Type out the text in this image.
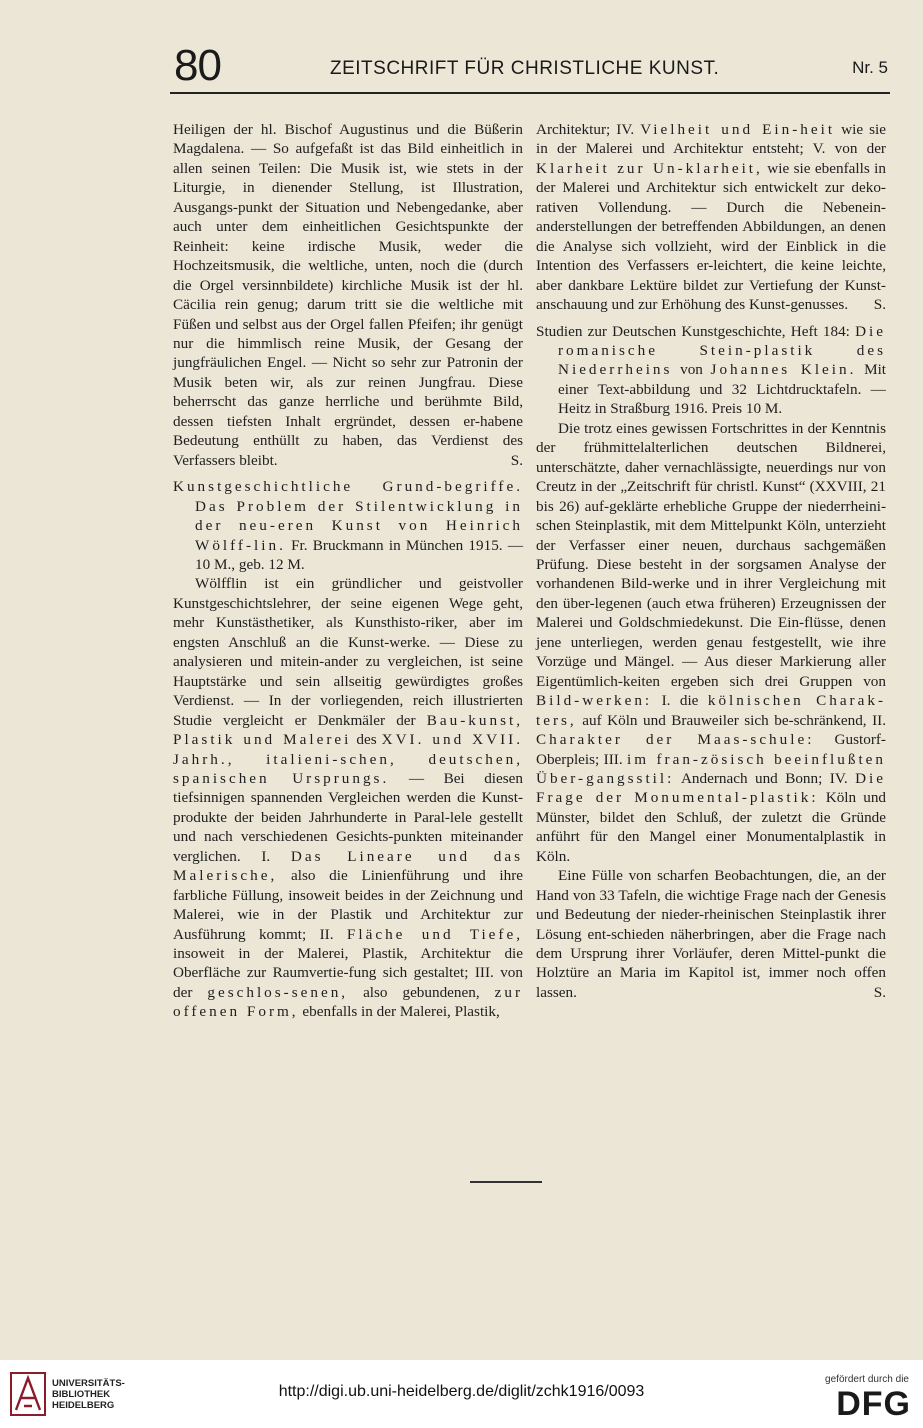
80	ZEITSCHRIFT FÜR CHRISTLICHE KUNST.	Nr. 5

Heiligen der hl. Bischof Augustinus und die Büßerin Magdalena. — So aufgefaßt ist das Bild einheitlich in allen seinen Teilen: Die Musik ist, wie stets in der Liturgie, in dienender Stellung, ist Illustration, Ausgangs-punkt der Situation und Nebengedanke, aber auch unter dem einheitlichen Gesichtspunkte der Reinheit: keine irdische Musik, weder die Hochzeitsmusik, die weltliche, unten, noch die (durch die Orgel versinnbildete) kirchliche Musik ist der hl. Cäcilia rein genug; darum tritt sie die weltliche mit Füßen und selbst aus der Orgel fallen Pfeifen; ihr genügt nur die himmlisch reine Musik, der Gesang der jungfräulichen Engel. — Nicht so sehr zur Patronin der Musik beten wir, als zur reinen Jungfrau. Diese beherrscht das ganze herrliche und berühmte Bild, dessen tiefsten Inhalt ergründet, dessen er-habene Bedeutung enthüllt zu haben, das Verdienst des Verfassers bleibt.	S.

Kunstgeschichtliche Grund-begriffe. Das Problem der Stilentwicklung in der neu-eren Kunst von Heinrich Wölff-lin. Fr. Bruckmann in München 1915. — 10 M., geb. 12 M.

Wölfflin ist ein gründlicher und geistvoller Kunstgeschichtslehrer, der seine eigenen Wege geht, mehr Kunstästhetiker, als Kunsthisto-riker, aber im engsten Anschluß an die Kunst-werke. — Diese zu analysieren und mitein-ander zu vergleichen, ist seine Hauptstärke und sein allseitig gewürdigtes großes Verdienst. — In der vorliegenden, reich illustrierten Studie vergleicht er Denkmäler der Bau-kunst, Plastik und Malerei des XVI. und XVII. Jahrh., italieni-schen, deutschen, spanischen Ursprungs. — Bei diesen tiefsinnigen spannenden Vergleichen werden die Kunst-produkte der beiden Jahrhunderte in Paral-lele gestellt und nach verschiedenen Gesichts-punkten miteinander verglichen. I. Das Lineare und das Malerische, also die Linienführung und ihre farbliche Füllung, insoweit beides in der Zeichnung und Malerei, wie in der Plastik und Architektur zur Ausführung kommt; II. Fläche und Tiefe, insoweit in der Malerei, Plastik, Architektur die Oberfläche zur Raumvertie-fung sich gestaltet; III. von der geschlos-senen, also gebundenen, zur offenen Form, ebenfalls in der Malerei, Plastik,

Architektur; IV. Vielheit und Ein-heit wie sie in der Malerei und Architektur entsteht; V. von der Klarheit zur Un-klarheit, wie sie ebenfalls in der Malerei und Architektur sich entwickelt zur deko-rativen Vollendung. — Durch die Nebenein-anderstellungen der betreffenden Abbildungen, an denen die Analyse sich vollzieht, wird der Einblick in die Intention des Verfassers er-leichtert, die keine leichte, aber dankbare Lektüre bildet zur Vertiefung der Kunst-anschauung und zur Erhöhung des Kunst-genusses. S.

Studien zur Deutschen Kunstgeschichte, Heft 184: Die romanische Stein-plastik des Niederrheins von Johannes Klein. Mit einer Text-abbildung und 32 Lichtdrucktafeln. — Heitz in Straßburg 1916. Preis 10 M.

Die trotz eines gewissen Fortschrittes in der Kenntnis der frühmittelalterlichen deutschen Bildnerei, unterschätzte, daher vernachlässigte, neuerdings nur von Creutz in der „Zeitschrift für christl. Kunst“ (XXVIII, 21 bis 26) auf-geklärte erhebliche Gruppe der niederrheini-schen Steinplastik, mit dem Mittelpunkt Köln, unterzieht der Verfasser einer neuen, durchaus sachgemäßen Prüfung. Diese besteht in der sorgsamen Analyse der vorhandenen Bild-werke und in ihrer Vergleichung mit den über-legenen (auch etwa früheren) Erzeugnissen der Malerei und Goldschmiedekunst. Die Ein-flüsse, denen jene unterliegen, werden genau festgestellt, wie ihre Vorzüge und Mängel. — Aus dieser Markierung aller Eigentümlich-keiten ergeben sich drei Gruppen von Bild-werken: I. die kölnischen Charak-ters, auf Köln und Brauweiler sich be-schränkend, II. Charakter der Maas-schule: Gustorf-Oberpleis; III. im fran-zösisch beeinflußten Über-gangsstil: Andernach und Bonn; IV. Die Frage der Monumental-plastik: Köln und Münster, bildet den Schluß, der zuletzt die Gründe anführt für den Mangel einer Monumentalplastik in Köln.

Eine Fülle von scharfen Beobachtungen, die, an der Hand von 33 Tafeln, die wichtige Frage nach der Genesis und Bedeutung der nieder-rheinischen Steinplastik ihrer Lösung ent-schieden näherbringen, aber die Frage nach dem Ursprung ihrer Vorläufer, deren Mittel-punkt die Holztüre an Maria im Kapitol ist, immer noch offen lassen.	S.

UNIVERSITÄTS-
BIBLIOTHEK
HEIDELBERG
http://digi.ub.uni-heidelberg.de/diglit/zchk1916/0093
gefördert durch die
DFG
